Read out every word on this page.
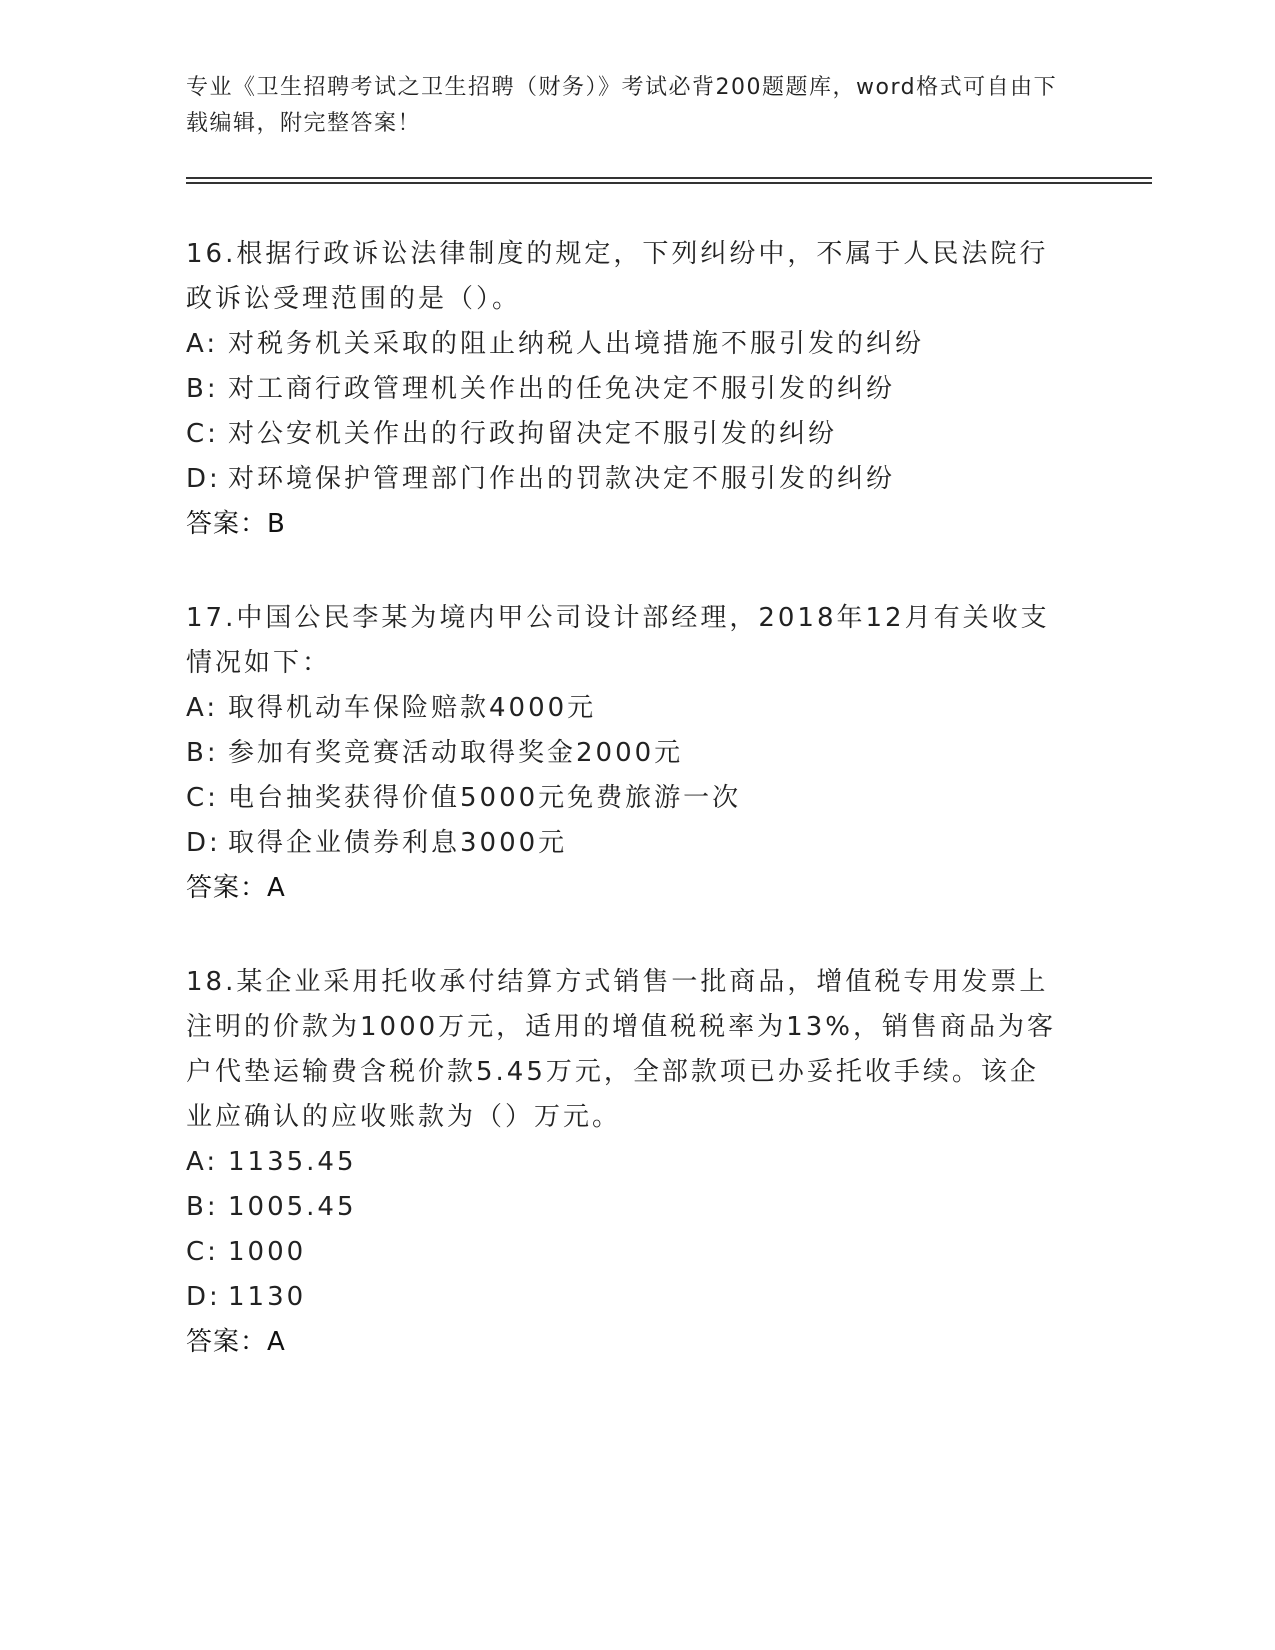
专业《卫生招聘考试之卫生招聘（财务）》考试必背200题题库，word格式可自由下载编辑，附完整答案！

16.根据行政诉讼法律制度的规定，下列纠纷中，不属于人民法院行政诉讼受理范围的是（）。

A: 对税务机关采取的阻止纳税人出境措施不服引发的纠纷

B: 对工商行政管理机关作出的任免决定不服引发的纠纷

C: 对公安机关作出的行政拘留决定不服引发的纠纷

D: 对环境保护管理部门作出的罚款决定不服引发的纠纷

答案：B

17.中国公民李某为境内甲公司设计部经理，2018年12月有关收支情况如下：

A: 取得机动车保险赔款4000元

B: 参加有奖竞赛活动取得奖金2000元

C: 电台抽奖获得价值5000元免费旅游一次

D: 取得企业债券利息3000元

答案：A

18.某企业采用托收承付结算方式销售一批商品，增值税专用发票上注明的价款为1000万元，适用的增值税税率为13%，销售商品为客户代垫运输费含税价款5.45万元，全部款项已办妥托收手续。该企业应确认的应收账款为（）万元。

A: 1135.45

B: 1005.45

C: 1000

D: 1130

答案：A
